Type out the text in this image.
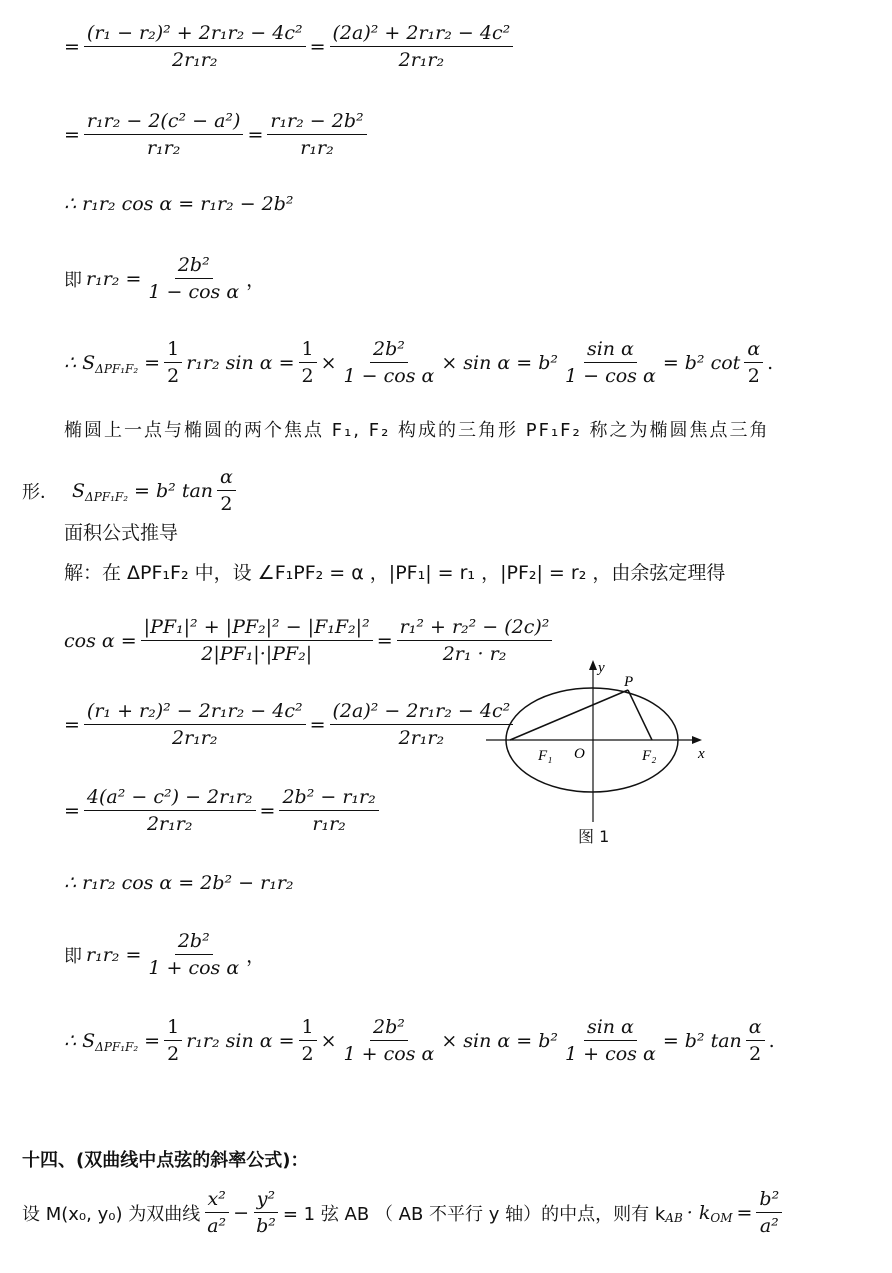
= $\frac{\text{(r₁ − r₂)² + 2r₁r₂ − 4c²}}{\text{2r₁r₂}} = \frac{\text{(2a)² + 2r₁r₂ − 4c²}}{\text{2r₁r₂}}$
= $\frac{\text{r₁r₂ − 2(c² − a²)}}{\text{r₁r₂}} = \frac{\text{r₁r₂ − 2b²}}{\text{r₁r₂}}$
∴ r₁r₂ cos α = r₁r₂ − 2b²
即 $r_1r_2 = \frac{\text{2b²}}{\text{1 − cos α}}$ ，
∴ $S_{\Delta PF_1F_2} = \frac{1}{2} r_1r_2$ $\sin \alpha = \frac{1}{2} \times \frac{\text{2b²}}{\text{1 − cos α}} \times \sin \alpha = b^2 \frac{\text{sin α}}{\text{1 − cos α}} = b^2$ $\cot \frac{\alpha}{2}$ .
椭圆上一点与椭圆的两个焦点 F₁, F₂ 构成的三角形 PF₁F₂ 称之为椭圆焦点三角
形． $S_{\Delta PF_1F_2} = b^2$ $\tan \frac{\alpha}{2}$
面积公式推导
解：在 ΔPF₁F₂ 中，设 ∠F₁PF₂ = α ，|PF₁| = r₁ ，|PF₂| = r₂ ，由余弦定理得
$\cos \alpha = \frac{\text{|PF₁|² + |PF₂|² − |F₁F₂|²}}{\text{2|PF₁|·|PF₂|}} = \frac{\text{r₁² + r₂² − (2c)²}}{\text{2r₁ · r₂}}$
= $\frac{\text{(r₁ + r₂)² − 2r₁r₂ − 4c²}}{\text{2r₁r₂}} = \frac{\text{(2a)² − 2r₁r₂ − 4c²}}{\text{2r₁r₂}}$
= $\frac{\text{4(a² − c²) − 2r₁r₂}}{\text{2r₁r₂}} = \frac{\text{2b² − r₁r₂}}{\text{r₁r₂}}$
∴ r₁r₂ cos α = 2b² − r₁r₂
即 $r_1r_2 = \frac{\text{2b²}}{\text{1 + cos α}}$ ，
∴ $S_{\Delta PF_1F_2} = \frac{1}{2} r_1r_2$ $\sin \alpha = \frac{1}{2} \times \frac{\text{2b²}}{\text{1 + cos α}} \times \sin \alpha = b^2 \frac{\text{sin α}}{\text{1 + cos α}} = b^2$ $\tan \frac{\alpha}{2}$ .
y
x
P
O
F₁	F₂
图 1
十四、(双曲线中点弦的斜率公式)：
设 M(x₀, y₀) 为双曲线 $\frac{\text{x²}}{\text{a²}} - \frac{\text{y²}}{\text{b²}} = 1$ 弦 AB （ AB 不平行 y 轴）的中点，则有 $k_{AB} \cdot k_{OM} = \frac{\text{b²}}{\text{a²}}$
